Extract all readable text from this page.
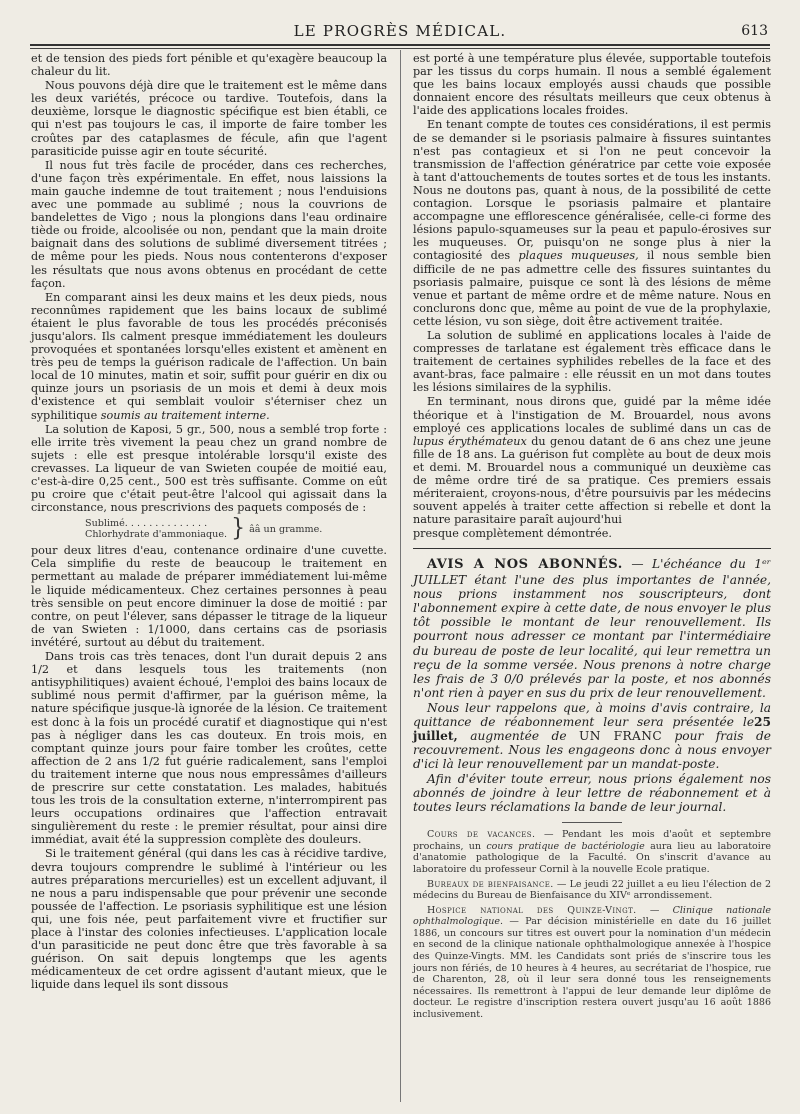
LE PROGRÈS MÉDICAL.	613

et de tension des pieds fort pénible et qu'exagère beaucoup la chaleur du lit.

Nous pouvons déjà dire que le traitement est le même dans les deux variétés, précoce ou tardive. Toutefois, dans la deuxième, lorsque le diagnostic spécifique est bien établi, ce qui n'est pas toujours le cas, il importe de faire tomber les croûtes par des cataplasmes de fécule, afin que l'agent parasiticide puisse agir en toute sécurité.

Il nous fut très facile de procéder, dans ces recherches, d'une façon très expérimentale. En effet, nous laissions la main gauche indemne de tout traitement ; nous l'enduisions avec une pommade au sublimé ; nous la couvrions de bandelettes de Vigo ; nous la plongions dans l'eau ordinaire tiède ou froide, alcoolisée ou non, pendant que la main droite baignait dans des solutions de sublimé diversement titrées ; de même pour les pieds. Nous nous contenterons d'exposer les résultats que nous avons obtenus en procédant de cette façon.

En comparant ainsi les deux mains et les deux pieds, nous reconnûmes rapidement que les bains locaux de sublimé étaient le plus favorable de tous les procédés préconisés jusqu'alors. Ils calment presque immédiatement les douleurs provoquées et spontanées lorsqu'elles existent et amènent en très peu de temps la guérison radicale de l'affection. Un bain local de 10 minutes, matin et soir, suffit pour guérir en dix ou quinze jours un psoriasis de un mois et demi à deux mois d'existence et qui semblait vouloir s'éterniser chez un syphilitique soumis au traitement interne.

La solution de Kaposi, 5 gr., 500, nous a semblé trop forte : elle irrite très vivement la peau chez un grand nombre de sujets : elle est presque intolérable lorsqu'il existe des crevasses. La liqueur de van Swieten coupée de moitié eau, c'est-à-dire 0,25 cent., 500 est très suffisante. Comme on eût pu croire que c'était peut-être l'alcool qui agissait dans la circonstance, nous prescrivions des paquets composés de :

Sublimé. . . . . . . . . . . . . .
Chlorhydrate d'ammoniaque. } ââ un gramme.

pour deux litres d'eau, contenance ordinaire d'une cuvette. Cela simplifie du reste de beaucoup le traitement en permettant au malade de préparer immédiatement lui-même le liquide médicamenteux. Chez certaines personnes à peau très sensible on peut encore diminuer la dose de moitié : par contre, on peut l'élever, sans dépasser le titrage de la liqueur de van Swieten : 1/1000, dans certains cas de psoriasis invétéré, surtout au début du traitement.

Dans trois cas très tenaces, dont l'un durait depuis 2 ans 1/2 et dans lesquels tous les traitements (non antisyphilitiques) avaient échoué, l'emploi des bains locaux de sublimé nous permit d'affirmer, par la guérison même, la nature spécifique jusque-là ignorée de la lésion. Ce traitement est donc à la fois un procédé curatif et diagnostique qui n'est pas à négliger dans les cas douteux. En trois mois, en comptant quinze jours pour faire tomber les croûtes, cette affection de 2 ans 1/2 fut guérie radicalement, sans l'emploi du traitement interne que nous nous empressâmes d'ailleurs de prescrire sur cette constatation. Les malades, habitués tous les trois de la consultation externe, n'interrompirent pas leurs occupations ordinaires que l'affection entravait singulièrement du reste : le premier résultat, pour ainsi dire immédiat, avait été la suppression complète des douleurs.

Si le traitement général (qui dans les cas à récidive tardive, devra toujours comprendre le sublimé à l'intérieur ou les autres préparations mercurielles) est un excellent adjuvant, il ne nous a paru indispensable que pour prévenir une seconde poussée de l'affection. Le psoriasis syphilitique est une lésion qui, une fois née, peut parfaitement vivre et fructifier sur place à l'instar des colonies infectieuses. L'application locale d'un parasiticide ne peut donc être que très favorable à sa guérison. On sait depuis longtemps que les agents médicamenteux de cet ordre agissent d'autant mieux, que le liquide dans lequel ils sont dissous

est porté à une température plus élevée, supportable toutefois par les tissus du corps humain. Il nous a semblé également que les bains locaux employés aussi chauds que possible donnaient encore des résultats meilleurs que ceux obtenus à l'aide des applications locales froides.

En tenant compte de toutes ces considérations, il est permis de se demander si le psoriasis palmaire à fissures suintantes n'est pas contagieux et si l'on ne peut concevoir la transmission de l'affection génératrice par cette voie exposée à tant d'attouchements de toutes sortes et de tous les instants. Nous ne doutons pas, quant à nous, de la possibilité de cette contagion. Lorsque le psoriasis palmaire et plantaire accompagne une efflorescence généralisée, celle-ci forme des lésions papulo-squameuses sur la peau et papulo-érosives sur les muqueuses. Or, puisqu'on ne songe plus à nier la contagiosité des plaques muqueuses, il nous semble bien difficile de ne pas admettre celle des fissures suintantes du psoriasis palmaire, puisque ce sont là des lésions de même venue et partant de même ordre et de même nature. Nous en conclurons donc que, même au point de vue de la prophylaxie, cette lésion, vu son siège, doit être activement traitée.

La solution de sublimé en applications locales à l'aide de compresses de tarlatane est également très efficace dans le traitement de certaines syphilides rebelles de la face et des avant-bras, face palmaire : elle réussit en un mot dans toutes les lésions similaires de la syphilis.

En terminant, nous dirons que, guidé par la même idée théorique et à l'instigation de M. Brouardel, nous avons employé ces applications locales de sublimé dans un cas de lupus érythémateux du genou datant de 6 ans chez une jeune fille de 18 ans. La guérison fut complète au bout de deux mois et demi. M. Brouardel nous a communiqué un deuxième cas de même ordre tiré de sa pratique. Ces premiers essais mériteraient, croyons-nous, d'être poursuivis par les médecins souvent appelés à traiter cette affection si rebelle et dont la nature parasitaire paraît aujourd'hui

presque complètement démontrée.

AVIS A NOS ABONNÉS. — L'échéance du 1ᵉʳ JUILLET étant l'une des plus importantes de l'année, nous prions instamment nos souscripteurs, dont l'abonnement expire à cette date, de nous envoyer le plus tôt possible le montant de leur renouvellement. Ils pourront nous adresser ce montant par l'intermédiaire du bureau de poste de leur localité, qui leur remettra un reçu de la somme versée. Nous prenons à notre charge les frais de 3 0/0 prélevés par la poste, et nos abonnés n'ont rien à payer en sus du prix de leur renouvellement.

Nous leur rappelons que, à moins d'avis contraire, la quittance de réabonnement leur sera présentée le25 juillet, augmentée de UN FRANC pour frais de recouvrement. Nous les engageons donc à nous envoyer d'ici là leur renouvellement par un mandat-poste.

Afin d'éviter toute erreur, nous prions également nos abonnés de joindre à leur lettre de réabonnement et à toutes leurs réclamations la bande de leur journal.

Cours de vacances. — Pendant les mois d'août et septembre prochains, un cours pratique de bactériologie aura lieu au laboratoire d'anatomie pathologique de la Faculté. On s'inscrit d'avance au laboratoire du professeur Cornil à la nouvelle Ecole pratique.

Bureaux de bienfaisance. — Le jeudi 22 juillet a eu lieu l'élection de 2 médecins du Bureau de Bienfaisance du XIVᵉ arrondissement.

Hospice national des Quinze-Vingt. — Clinique nationale ophthalmologique. — Par décision ministérielle en date du 16 juillet 1886, un concours sur titres est ouvert pour la nomination d'un médecin en second de la clinique nationale ophthalmologique annexée à l'hospice des Quinze-Vingts. MM. les Candidats sont priés de s'inscrire tous les jours non fériés, de 10 heures à 4 heures, au secrétariat de l'hospice, rue de Charenton, 28, où il leur sera donné tous les renseignements nécessaires. Ils remettront à l'appui de leur demande leur diplôme de docteur. Le registre d'inscription restera ouvert jusqu'au 16 août 1886 inclusivement.
